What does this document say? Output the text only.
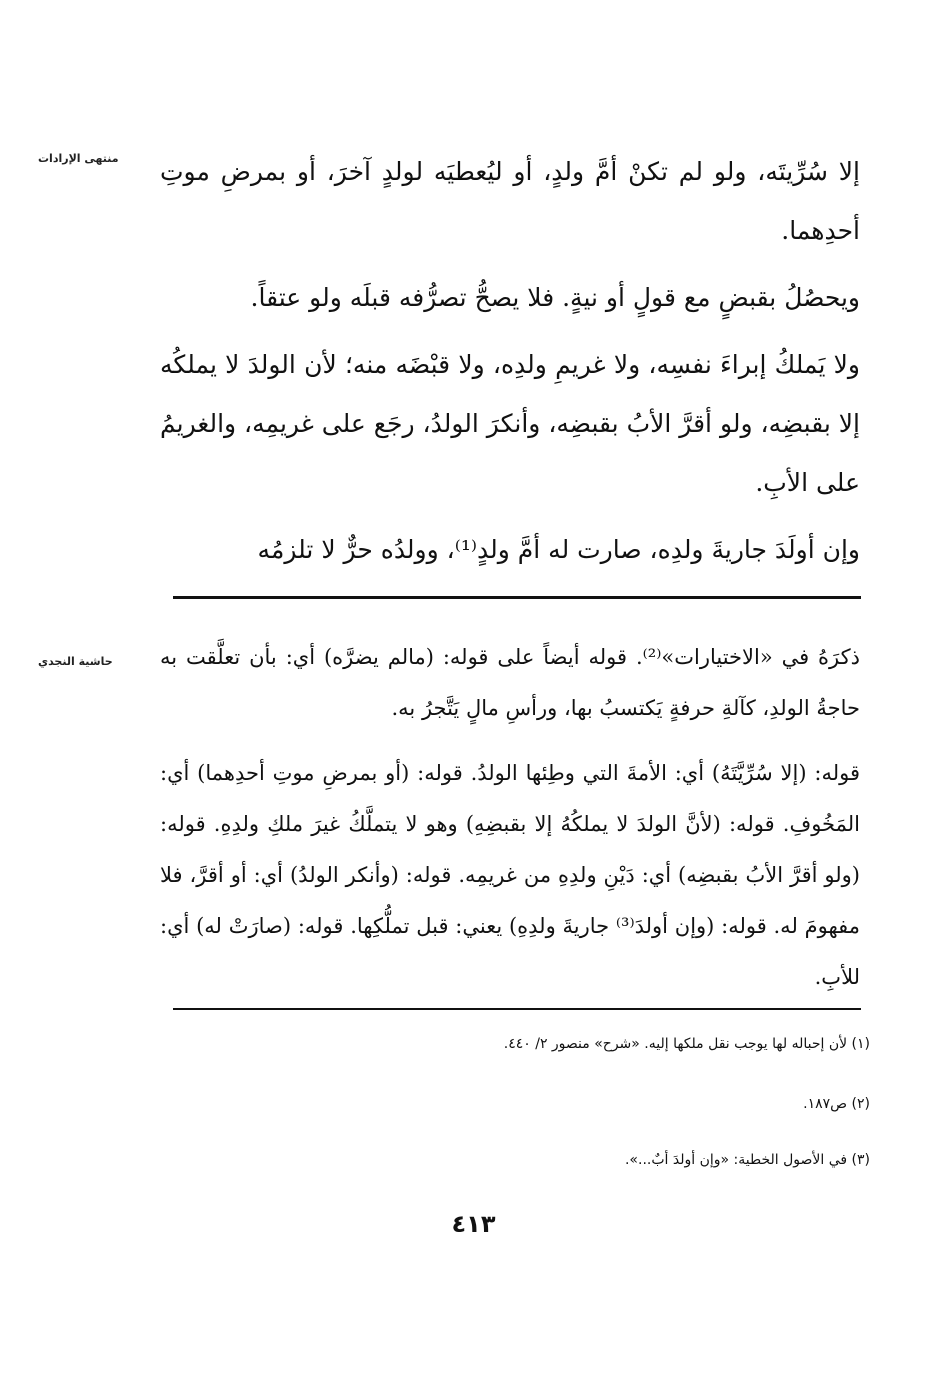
منتهى الإرادات إلا سُرِّيتَه، ولو لم تكنْ أمَّ ولدٍ، أو ليُعطيَه لولدٍ آخرَ، أو بمرضِ موتِ أحدِهما.

ويحصُلُ بقبضٍ مع قولٍ أو نيةٍ. فلا يصحُّ تصرُّفه قبلَه ولو عتقاً.

ولا يَملكُ إبراءَ نفسِه، ولا غريمِ ولدِه، ولا قبْضَه منه؛ لأن الولدَ لا يملكُه إلا بقبضِه، ولو أقرَّ الأبُ بقبضِه، وأنكرَ الولدُ، رجَع على غريمِه، والغريمُ على الأبِ.

وإن أولَدَ جاريةَ ولدِه، صارت له أمَّ ولدٍ⁽¹⁾، وولدُه حرٌّ لا تلزمُه

حاشية النجدي ذكرَهُ في «الاختيارات»⁽²⁾. قوله أيضاً على قوله: (مالم يضرَّه) أي: بأن تعلَّقت به حاجةُ الولدِ، كآلةِ حرفةٍ يَكتسبُ بها، ورأسِ مالٍ يَتَّجرُ به.

قوله: (إلا سُرِّيَّتَهُ) أي: الأمةَ التي وطِئها الولدُ. قوله: (أو بمرضِ موتِ أحدِهما) أي: المَخُوفِ. قوله: (لأنَّ الولدَ لا يملكُهُ إلا بقبضِهِ) وهو لا يتملَّكُ غيرَ ملكِ ولدِهِ. قوله: (ولو أقرَّ الأبُ بقبضِه) أي: دَيْنِ ولدِهِ من غريمِه. قوله: (وأنكر الولدُ) أي: أو أقرَّ، فلا مفهومَ له. قوله: (وإن أولدَ⁽³⁾ جاريةَ ولدِهِ) يعني: قبل تملُّكِها. قوله: (صارَتْ له) أي: للأبِ.

(١) لأن إحباله لها يوجب نقل ملكها إليه. «شرح» منصور ٢/ ٤٤٠.
(٢) ص١٨٧.
(٣) في الأصول الخطية: «وإن أولدَ أبٌ...».
٤١٣
